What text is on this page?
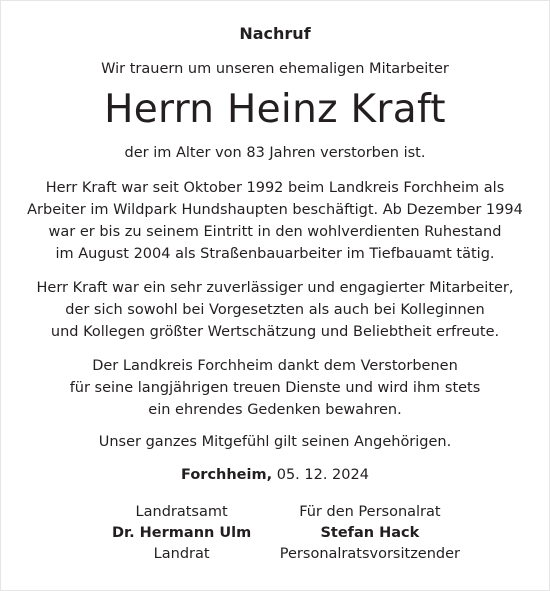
Nachruf
Wir trauern um unseren ehemaligen Mitarbeiter
Herrn Heinz Kraft
der im Alter von 83 Jahren verstorben ist.
Herr Kraft war seit Oktober 1992 beim Landkreis Forchheim als
Arbeiter im Wildpark Hundshaupten beschäftigt. Ab Dezember 1994
war er bis zu seinem Eintritt in den wohlverdienten Ruhestand
im August 2004 als Straßenbauarbeiter im Tiefbauamt tätig.
Herr Kraft war ein sehr zuverlässiger und engagierter Mitarbeiter,
der sich sowohl bei Vorgesetzten als auch bei Kolleginnen
und Kollegen größter Wertschätzung und Beliebtheit erfreute.
Der Landkreis Forchheim dankt dem Verstorbenen
für seine langjährigen treuen Dienste und wird ihm stets
ein ehrendes Gedenken bewahren.
Unser ganzes Mitgefühl gilt seinen Angehörigen.
Forchheim, 05. 12. 2024
Landratsamt
Dr. Hermann Ulm
Landrat
Für den Personalrat
Stefan Hack
Personalratsvorsitzender
